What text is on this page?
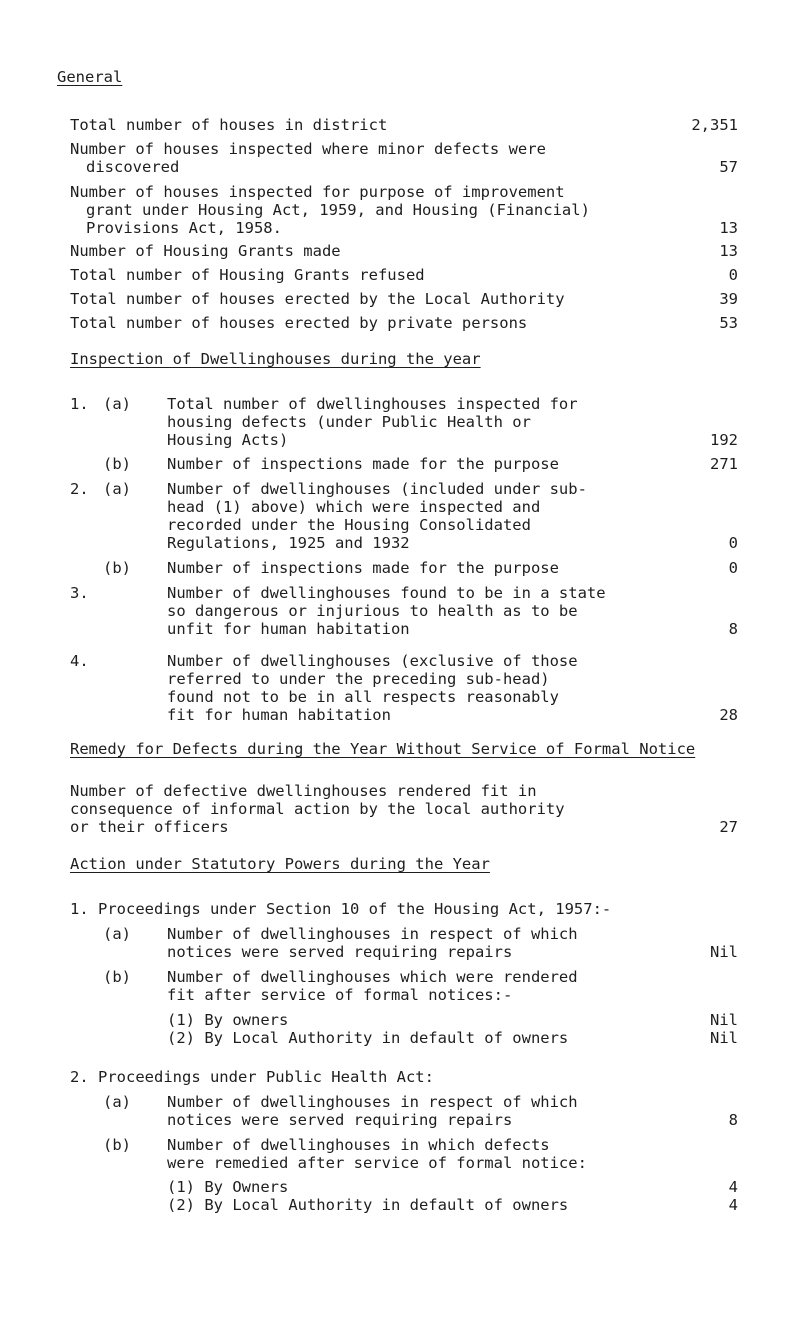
General
Total number of houses in district	2,351
Number of houses inspected where minor defects were
discovered	57
Number of houses inspected for purpose of improvement
grant under Housing Act, 1959, and Housing (Financial)
Provisions Act, 1958.	13
Number of Housing Grants made	13
Total number of Housing Grants refused	0
Total number of houses erected by the Local Authority	39
Total number of houses erected by private persons	53
Inspection of Dwellinghouses during the year
1. (a) Total number of dwellinghouses inspected for
housing defects (under Public Health or
Housing Acts)	192
(b) Number of inspections made for the purpose	271
2. (a) Number of dwellinghouses (included under sub-
head (1) above) which were inspected and
recorded under the Housing Consolidated
Regulations, 1925 and 1932	0
(b) Number of inspections made for the purpose	0
3.	Number of dwellinghouses found to be in a state
so dangerous or injurious to health as to be
unfit for human habitation	8
4.	Number of dwellinghouses (exclusive of those
referred to under the preceding sub-head)
found not to be in all respects reasonably
fit for human habitation	28
Remedy for Defects during the Year Without Service of Formal Notice
Number of defective dwellinghouses rendered fit in
consequence of informal action by the local authority
or their officers	27
Action under Statutory Powers during the Year
1. Proceedings under Section 10 of the Housing Act, 1957:-
(a) Number of dwellinghouses in respect of which
notices were served requiring repairs	Nil
(b) Number of dwellinghouses which were rendered
fit after service of formal notices:-
(1) By owners	Nil
(2) By Local Authority in default of owners	Nil
2. Proceedings under Public Health Act:
(a) Number of dwellinghouses in respect of which
notices were served requiring repairs	8
(b) Number of dwellinghouses in which defects
were remedied after service of formal notice:
(1) By Owners	4
(2) By Local Authority in default of owners	4
